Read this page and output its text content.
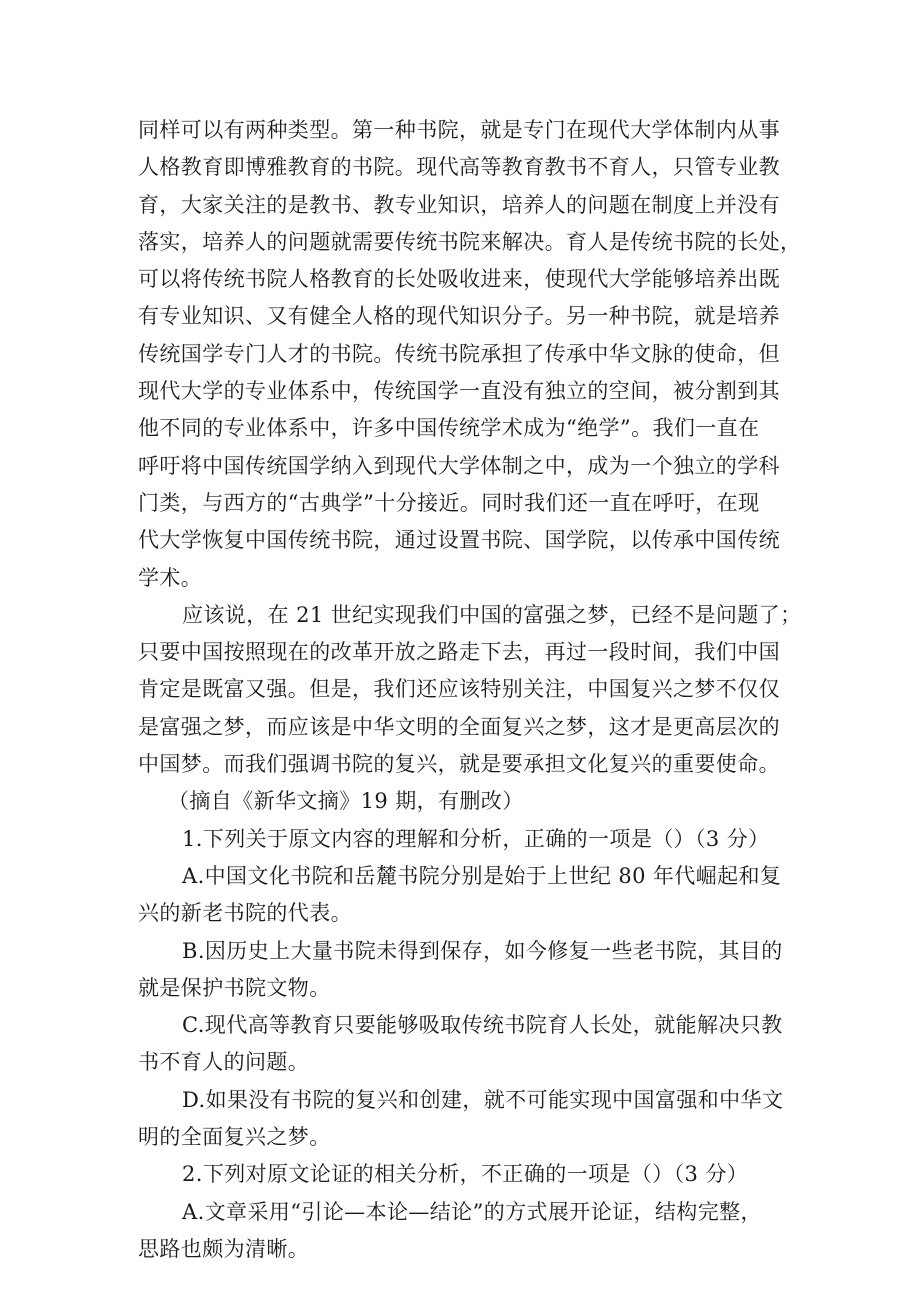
同样可以有两种类型。第一种书院，就是专门在现代大学体制内从事
人格教育即博雅教育的书院。现代高等教育教书不育人，只管专业教
育，大家关注的是教书、教专业知识，培养人的问题在制度上并没有
落实，培养人的问题就需要传统书院来解决。育人是传统书院的长处，
可以将传统书院人格教育的长处吸收进来，使现代大学能够培养出既
有专业知识、又有健全人格的现代知识分子。另一种书院，就是培养
传统国学专门人才的书院。传统书院承担了传承中华文脉的使命，但
现代大学的专业体系中，传统国学一直没有独立的空间，被分割到其
他不同的专业体系中，许多中国传统学术成为“绝学”。我们一直在
呼吁将中国传统国学纳入到现代大学体制之中，成为一个独立的学科
门类，与西方的“古典学”十分接近。同时我们还一直在呼吁，在现
代大学恢复中国传统书院，通过设置书院、国学院，以传承中国传统
学术。
应该说，在 21 世纪实现我们中国的富强之梦，已经不是问题了；
只要中国按照现在的改革开放之路走下去，再过一段时间，我们中国
肯定是既富又强。但是，我们还应该特别关注，中国复兴之梦不仅仅
是富强之梦，而应该是中华文明的全面复兴之梦，这才是更高层次的
中国梦。而我们强调书院的复兴，就是要承担文化复兴的重要使命。
（摘自《新华文摘》19 期，有删改）
1.下列关于原文内容的理解和分析，正确的一项是（）（3 分）
A.中国文化书院和岳麓书院分别是始于上世纪 80 年代崛起和复
兴的新老书院的代表。
B.因历史上大量书院未得到保存，如今修复一些老书院，其目的
就是保护书院文物。
C.现代高等教育只要能够吸取传统书院育人长处，就能解决只教
书不育人的问题。
D.如果没有书院的复兴和创建，就不可能实现中国富强和中华文
明的全面复兴之梦。
2.下列对原文论证的相关分析，不正确的一项是（）（3 分）
A.文章采用“引论—本论—结论”的方式展开论证，结构完整，
思路也颇为清晰。
